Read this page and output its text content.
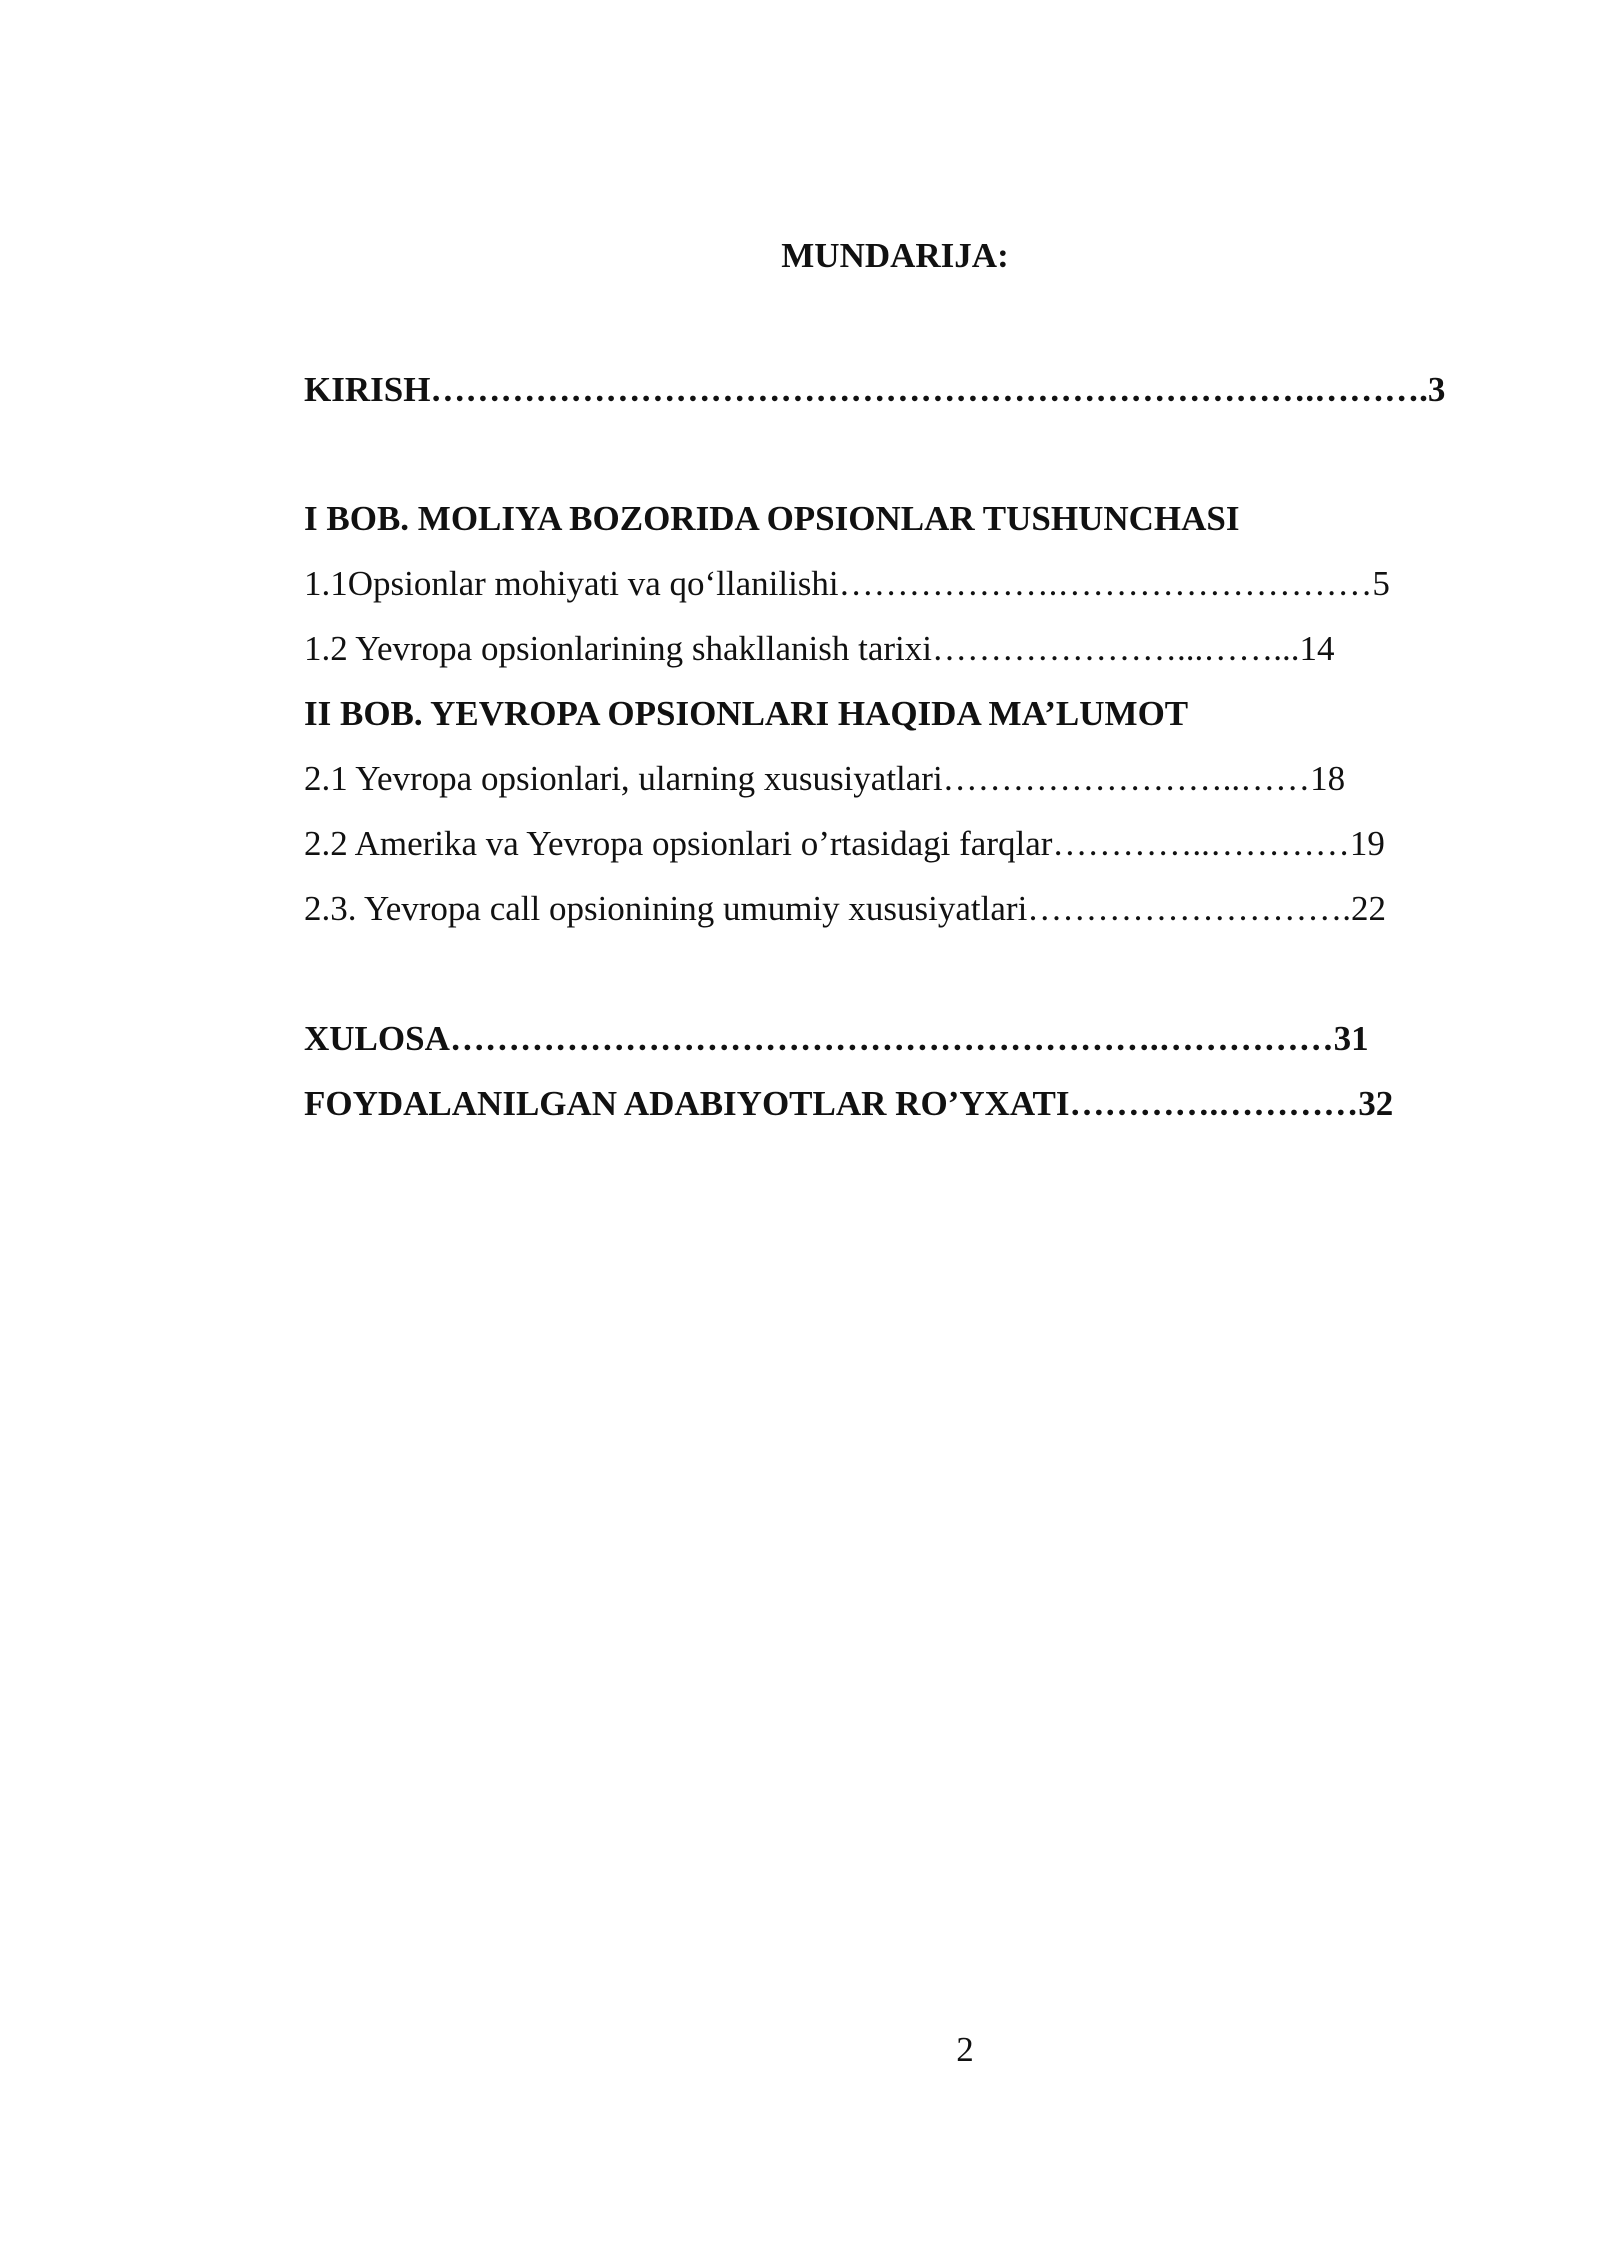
MUNDARIJA:

KIRISH………………………………………………………………….……….3

I BOB. MOLIYA BOZORIDA OPSIONLAR TUSHUNCHASI

1.1Opsionlar mohiyati va qo‘llanilishi……………….………………………5

1.2 Yevropa opsionlarining shakllanish tarixi…………………...……...14

II BOB. YEVROPA OPSIONLARI HAQIDA MA’LUMOT

2.1 Yevropa opsionlari, ularning xususiyatlari……………………..……18

2.2 Amerika va Yevropa opsionlari o’rtasidagi farqlar…………..…………19

2.3. Yevropa call opsionining umumiy xususiyatlari……………………….22

XULOSA…………………………………………………….……………31

FOYDALANILGAN ADABIYOTLAR RO’YXATI………….…………32

2
